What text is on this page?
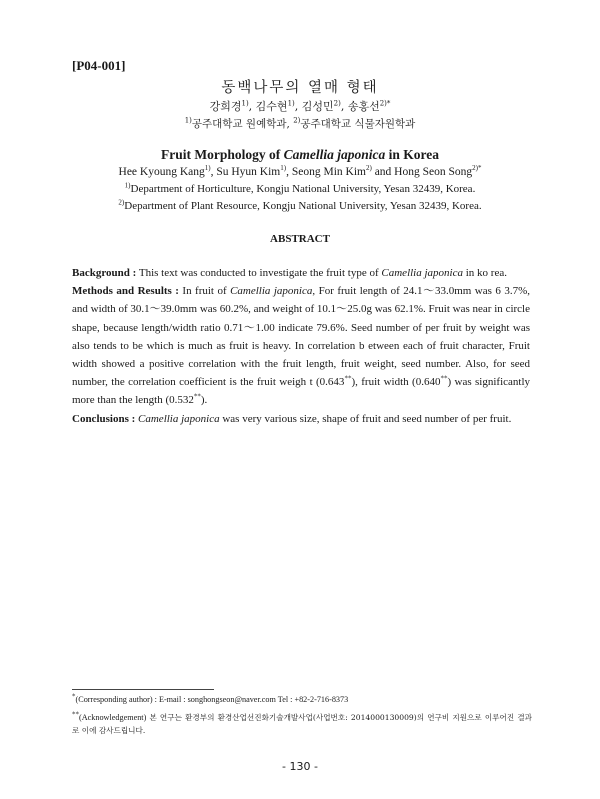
[P04-001]
동백나무의 열매 형태
강희경$^{1)}$, 김수현$^{1)}$, 김성민$^{2)}$, 송홍선$^{2)*}$
$^{1)}$공주대학교 원예학과, $^{2)}$공주대학교 식물자원학과
Fruit Morphology of Camellia japonica in Korea
Hee Kyoung Kang$^{1)}$, Su Hyun Kim$^{1)}$, Seong Min Kim$^{2)}$ and Hong Seon Song$^{2)*}$
$^{1)}$Department of Horticulture, Kongju National University, Yesan 32439, Korea.
$^{2)}$Department of Plant Resource, Kongju National University, Yesan 32439, Korea.
ABSTRACT

Background : This text was conducted to investigate the fruit type of Camellia japonica in ko rea.

Methods and Results : In fruit of Camellia japonica, For fruit length of 24.1～33.0mm was 6 3.7%, and width of 30.1～39.0mm was 60.2%, and weight of 10.1～25.0g was 62.1%. Fruit was near in circle shape, because length/width ratio 0.71～1.00 indicate 79.6%. Seed number of per fruit by weight was also tends to be which is much as fruit is heavy. In correlation b etween each of fruit character, Fruit width showed a positive correlation with the fruit length, fruit weight, seed number. Also, for seed number, the correlation coefficient is the fruit weigh t (0.643**), fruit width (0.640**) was significantly more than the length (0.532**).

Conclusions : Camellia japonica was very various size, shape of fruit and seed number of per fruit.

*(Corresponding author) : E-mail : songhongseon@naver.com Tel : +82-2-716-8373
**(Acknowledgement) 본 연구는 환경부의 환경산업선진화기술개발사업(사업번호: 2014000130009)의 연구비 지원으로 이루어진 결과로 이에 감사드립니다.
- 130 -
